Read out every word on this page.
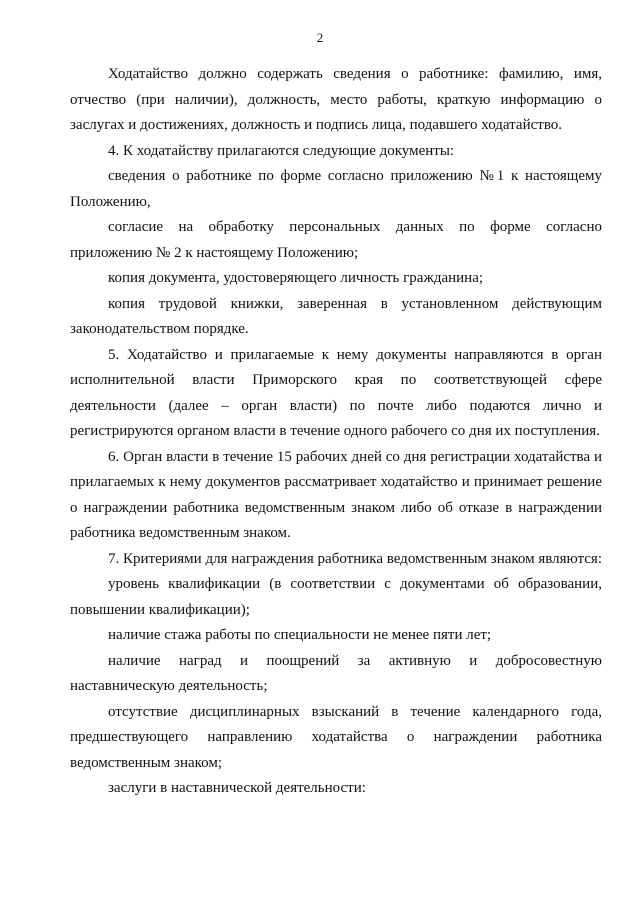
2

Ходатайство должно содержать сведения о работнике: фамилию, имя, отчество (при наличии), должность, место работы, краткую информацию о заслугах и достижениях, должность и подпись лица, подавшего ходатайство.

4. К ходатайству прилагаются следующие документы:

сведения о работнике по форме согласно приложению №1 к настоящему Положению,

согласие на обработку персональных данных по форме согласно приложению № 2 к настоящему Положению;

копия документа, удостоверяющего личность гражданина;

копия трудовой книжки, заверенная в установленном действующим законодательством порядке.

5. Ходатайство и прилагаемые к нему документы направляются в орган исполнительной власти Приморского края по соответствующей сфере деятельности (далее – орган власти) по почте либо подаются лично и регистрируются органом власти в течение одного рабочего со дня их поступления.

6. Орган власти в течение 15 рабочих дней со дня регистрации ходатайства и прилагаемых к нему документов рассматривает ходатайство и принимает решение о награждении работника ведомственным знаком либо об отказе в награждении работника ведомственным знаком.

7. Критериями для награждения работника ведомственным знаком являются:

уровень квалификации (в соответствии с документами об образовании, повышении квалификации);

наличие стажа работы по специальности не менее пяти лет;

наличие наград и поощрений за активную и добросовестную наставническую деятельность;

отсутствие дисциплинарных взысканий в течение календарного года, предшествующего направлению ходатайства о награждении работника ведомственным знаком;

заслуги в наставнической деятельности:
